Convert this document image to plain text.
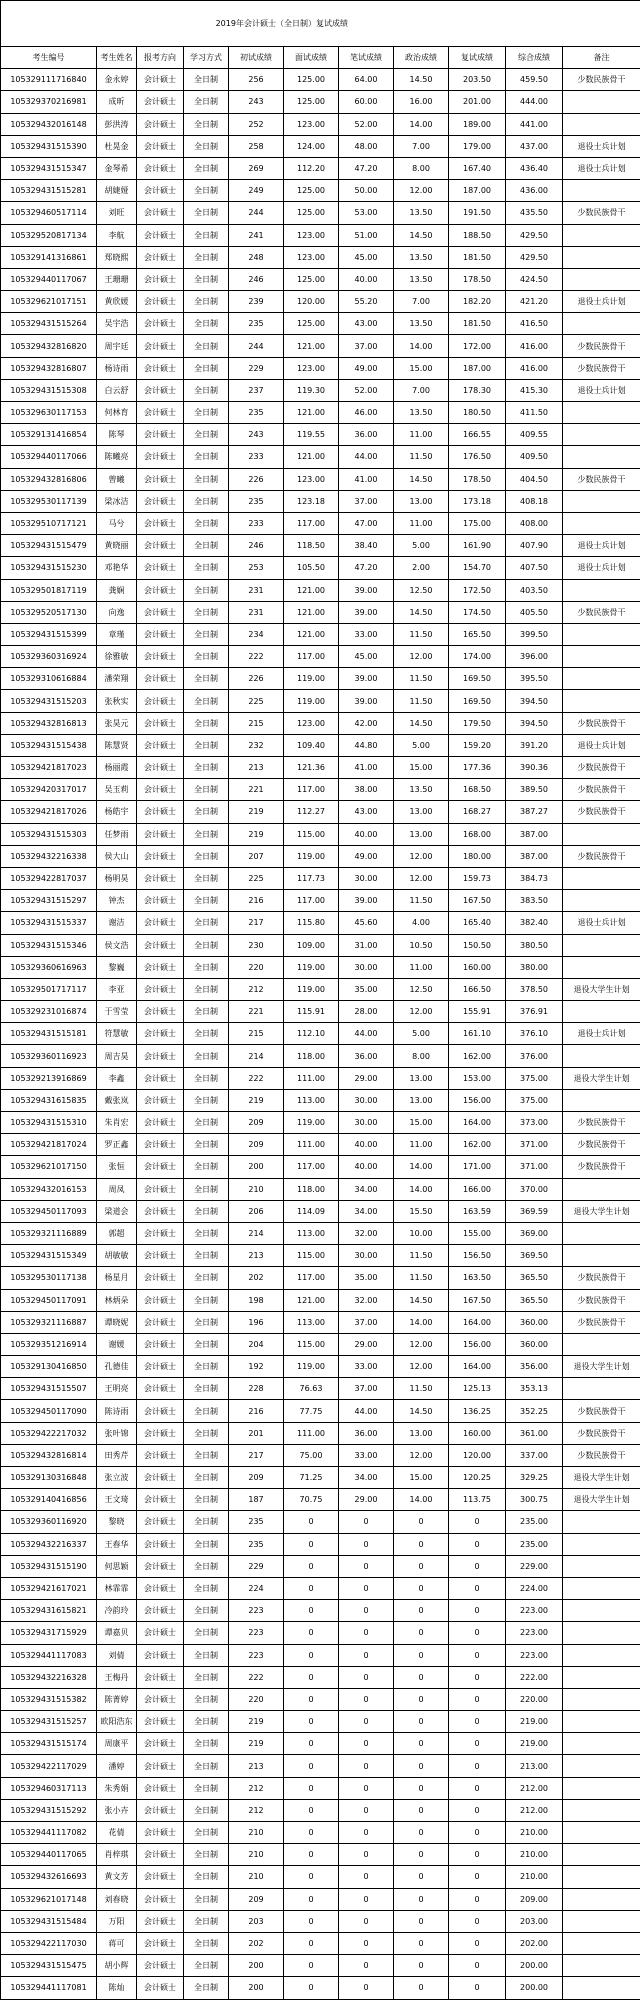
2019年会计硕士（全日制）复试成绩										
考生编号	考生姓名	报考方向	学习方式	初试成绩	面试成绩	笔试成绩	政治成绩	复试成绩	综合成绩	备注
105329111716840	金永婷	会计硕士	全日制	256	125.00	64.00	14.50	203.50	459.50	少数民族骨干
105329370216981	成昕	会计硕士	全日制	243	125.00	60.00	16.00	201.00	444.00	
105329432016148	彭洪涛	会计硕士	全日制	252	123.00	52.00	14.00	189.00	441.00	
105329431515390	杜晃金	会计硕士	全日制	258	124.00	48.00	7.00	179.00	437.00	退役士兵计划
105329431515347	金琴希	会计硕士	全日制	269	112.20	47.20	8.00	167.40	436.40	退役士兵计划
105329431515281	胡婕娅	会计硕士	全日制	249	125.00	50.00	12.00	187.00	436.00	
105329460517114	刘旺	会计硕士	全日制	244	125.00	53.00	13.50	191.50	435.50	少数民族骨干
105329520817134	李航	会计硕士	全日制	241	123.00	51.00	14.50	188.50	429.50	
105329141316861	郑晓熙	会计硕士	全日制	248	123.00	45.00	13.50	181.50	429.50	
105329440117067	王珊珊	会计硕士	全日制	246	125.00	40.00	13.50	178.50	424.50	
105329621017151	黄欣媛	会计硕士	全日制	239	120.00	55.20	7.00	182.20	421.20	退役士兵计划
105329431515264	吴宇浩	会计硕士	全日制	235	125.00	43.00	13.50	181.50	416.50	
105329432816820	周宇廷	会计硕士	全日制	244	121.00	37.00	14.00	172.00	416.00	少数民族骨干
105329432816807	杨诗雨	会计硕士	全日制	229	123.00	49.00	15.00	187.00	416.00	少数民族骨干
105329431515308	白云舒	会计硕士	全日制	237	119.30	52.00	7.00	178.30	415.30	退役士兵计划
105329630117153	何林育	会计硕士	全日制	235	121.00	46.00	13.50	180.50	411.50	
105329131416854	陈琴	会计硕士	全日制	243	119.55	36.00	11.00	166.55	409.55	
105329440117066	陈曦亮	会计硕士	全日制	233	121.00	44.00	11.50	176.50	409.50	
105329432816806	曾曦	会计硕士	全日制	226	123.00	41.00	14.50	178.50	404.50	少数民族骨干
105329530117139	梁冰洁	会计硕士	全日制	235	123.18	37.00	13.00	173.18	408.18	
105329510717121	马兮	会计硕士	全日制	233	117.00	47.00	11.00	175.00	408.00	
105329431515479	黄晓丽	会计硕士	全日制	246	118.50	38.40	5.00	161.90	407.90	退役士兵计划
105329431515230	邓艳华	会计硕士	全日制	253	105.50	47.20	2.00	154.70	407.50	退役士兵计划
105329501817119	龚娴	会计硕士	全日制	231	121.00	39.00	12.50	172.50	403.50	
105329520517130	向逸	会计硕士	全日制	231	121.00	39.00	14.50	174.50	405.50	少数民族骨干
105329431515399	章瑾	会计硕士	全日制	234	121.00	33.00	11.50	165.50	399.50	
105329360316924	徐雅敏	会计硕士	全日制	222	117.00	45.00	12.00	174.00	396.00	
105329310616884	潘荣翔	会计硕士	全日制	226	119.00	39.00	11.50	169.50	395.50	
105329431515203	张秋实	会计硕士	全日制	225	119.00	39.00	11.50	169.50	394.50	
105329432816813	张昊元	会计硕士	全日制	215	123.00	42.00	14.50	179.50	394.50	少数民族骨干
105329431515438	陈慧贤	会计硕士	全日制	232	109.40	44.80	5.00	159.20	391.20	退役士兵计划
105329421817023	杨丽霞	会计硕士	全日制	213	121.36	41.00	15.00	177.36	390.36	少数民族骨干
105329420317017	吴玉莉	会计硕士	全日制	221	117.00	38.00	13.50	168.50	389.50	少数民族骨干
105329421817026	杨皓宇	会计硕士	全日制	219	112.27	43.00	13.00	168.27	387.27	少数民族骨干
105329431515303	任梦雨	会计硕士	全日制	219	115.00	40.00	13.00	168.00	387.00	
105329432216338	侯大山	会计硕士	全日制	207	119.00	49.00	12.00	180.00	387.00	少数民族骨干
105329422817037	杨明昊	会计硕士	全日制	225	117.73	30.00	12.00	159.73	384.73	
105329431515297	钟杰	会计硕士	全日制	216	117.00	39.00	11.50	167.50	383.50	
105329431515337	谢洁	会计硕士	全日制	217	115.80	45.60	4.00	165.40	382.40	退役士兵计划
105329431515346	侯文浩	会计硕士	全日制	230	109.00	31.00	10.50	150.50	380.50	
105329360616963	黎巍	会计硕士	全日制	220	119.00	30.00	11.00	160.00	380.00	
105329501717117	李亚	会计硕士	全日制	212	119.00	35.00	12.50	166.50	378.50	退役大学生计划
105329231016874	于雪莹	会计硕士	全日制	221	115.91	28.00	12.00	155.91	376.91	
105329431515181	符慧敏	会计硕士	全日制	215	112.10	44.00	5.00	161.10	376.10	退役士兵计划
105329360116923	周吉昊	会计硕士	全日制	214	118.00	36.00	8.00	162.00	376.00	
105329213916869	李鑫	会计硕士	全日制	222	111.00	29.00	13.00	153.00	375.00	退役大学生计划
105329431615835	戴张岚	会计硕士	全日制	219	113.00	30.00	13.00	156.00	375.00	
105329431515310	朱肖宏	会计硕士	全日制	209	119.00	30.00	15.00	164.00	373.00	少数民族骨干
105329421817024	罗正鑫	会计硕士	全日制	209	111.00	40.00	11.00	162.00	371.00	少数民族骨干
105329621017150	张恒	会计硕士	全日制	200	117.00	40.00	14.00	171.00	371.00	少数民族骨干
105329432016153	周凤	会计硕士	全日制	210	118.00	34.00	14.00	166.00	370.00	
105329450117093	梁道会	会计硕士	全日制	206	114.09	34.00	15.50	163.59	369.59	退役大学生计划
105329321116889	郭超	会计硕士	全日制	214	113.00	32.00	10.00	155.00	369.00	
105329431515349	胡敏敏	会计硕士	全日制	213	115.00	30.00	11.50	156.50	369.50	
105329530117138	杨星月	会计硕士	全日制	202	117.00	35.00	11.50	163.50	365.50	少数民族骨干
105329450117091	林炳朵	会计硕士	全日制	198	121.00	32.00	14.50	167.50	365.50	少数民族骨干
105329321116887	谭晓妮	会计硕士	全日制	196	113.00	37.00	14.00	164.00	360.00	少数民族骨干
105329351216914	谢媛	会计硕士	全日制	204	115.00	29.00	12.00	156.00	360.00	
105329130416850	孔德佳	会计硕士	全日制	192	119.00	33.00	12.00	164.00	356.00	退役大学生计划
105329431515507	王明亮	会计硕士	全日制	228	76.63	37.00	11.50	125.13	353.13	
105329450117090	陈诗雨	会计硕士	全日制	216	77.75	44.00	14.50	136.25	352.25	少数民族骨干
105329422217032	张叶锦	会计硕士	全日制	201	111.00	36.00	13.00	160.00	361.00	少数民族骨干
105329432816814	田秀芹	会计硕士	全日制	217	75.00	33.00	12.00	120.00	337.00	少数民族骨干
105329130316848	张立波	会计硕士	全日制	209	71.25	34.00	15.00	120.25	329.25	退役大学生计划
105329140416856	王文琦	会计硕士	全日制	187	70.75	29.00	14.00	113.75	300.75	退役大学生计划
105329360116920	黎晓	会计硕士	全日制	235	0	0	0	0	235.00	
105329432216337	王春华	会计硕士	全日制	235	0	0	0	0	235.00	
105329431515190	何思颖	会计硕士	全日制	229	0	0	0	0	229.00	
105329421617021	林霏霏	会计硕士	全日制	224	0	0	0	0	224.00	
105329431615821	冷韵玲	会计硕士	全日制	223	0	0	0	0	223.00	
105329431715929	谭嘉贝	会计硕士	全日制	223	0	0	0	0	223.00	
105329441117083	刘倩	会计硕士	全日制	223	0	0	0	0	223.00	
105329432216328	王梅丹	会计硕士	全日制	222	0	0	0	0	222.00	
105329431515382	陈菁婷	会计硕士	全日制	220	0	0	0	0	220.00	
105329431515257	欧阳浩东	会计硕士	全日制	219	0	0	0	0	219.00	
105329431515174	周康平	会计硕士	全日制	219	0	0	0	0	219.00	
105329422117029	潘婷	会计硕士	全日制	213	0	0	0	0	213.00	
105329460317113	朱秀娟	会计硕士	全日制	212	0	0	0	0	212.00	
105329431515292	张小卉	会计硕士	全日制	212	0	0	0	0	212.00	
105329441117082	花倩	会计硕士	全日制	210	0	0	0	0	210.00	
105329440117065	肖梓琪	会计硕士	全日制	210	0	0	0	0	210.00	
105329432616693	黄文芳	会计硕士	全日制	210	0	0	0	0	210.00	
105329621017148	刘春晓	会计硕士	全日制	209	0	0	0	0	209.00	
105329431515484	万阳	会计硕士	全日制	203	0	0	0	0	203.00	
105329422117030	蒋可	会计硕士	全日制	202	0	0	0	0	202.00	
105329431515475	胡小辉	会计硕士	全日制	200	0	0	0	0	200.00	
105329441117081	陈灿	会计硕士	全日制	200	0	0	0	0	200.00	
